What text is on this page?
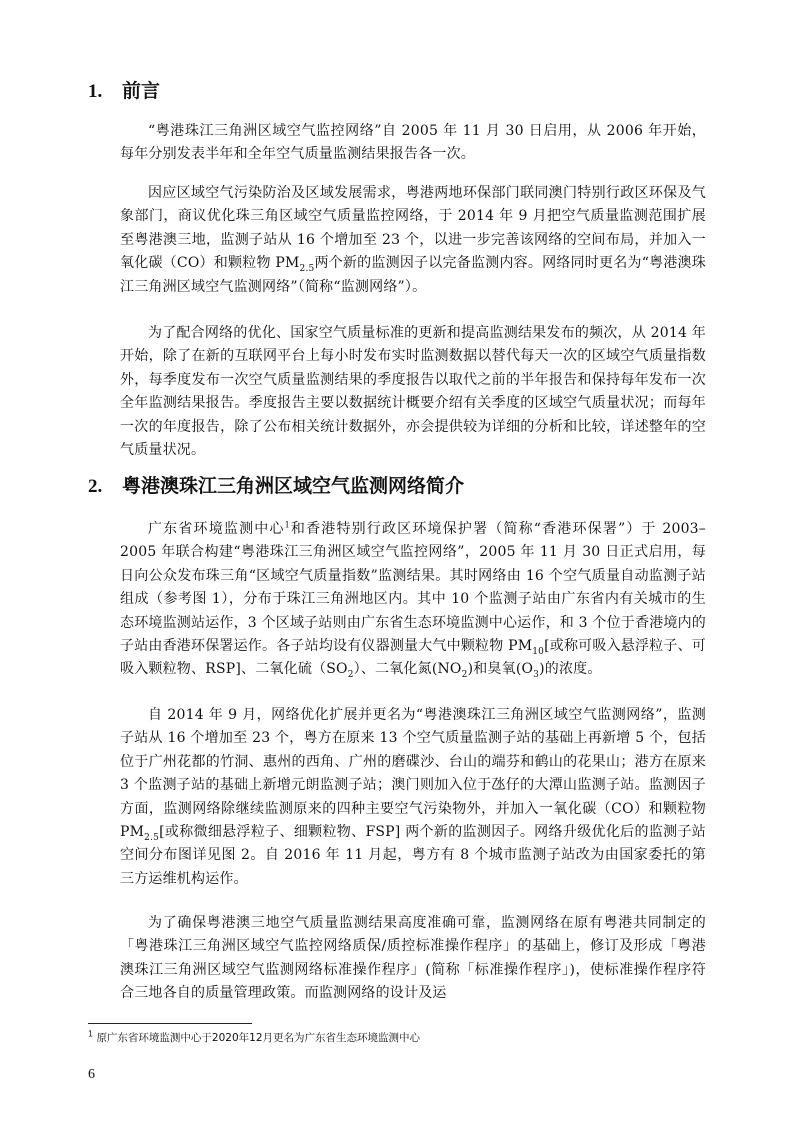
1. 前言

“粤港珠江三角洲区域空气监控网络”自 2005 年 11 月 30 日启用，从 2006 年开始，每年分别发表半年和全年空气质量监测结果报告各一次。

因应区域空气污染防治及区域发展需求，粤港两地环保部门联同澳门特别行政区环保及气象部门，商议优化珠三角区域空气质量监控网络，于 2014 年 9 月把空气质量监测范围扩展至粤港澳三地，监测子站从 16 个增加至 23 个，以进一步完善该网络的空间布局，并加入一氧化碳（CO）和颗粒物 $PM_{2.5}$两个新的监测因子以完备监测内容。网络同时更名为“粤港澳珠江三角洲区域空气监测网络”（简称“监测网络”）。

为了配合网络的优化、国家空气质量标准的更新和提高监测结果发布的频次，从 2014 年开始，除了在新的互联网平台上每小时发布实时监测数据以替代每天一次的区域空气质量指数外，每季度发布一次空气质量监测结果的季度报告以取代之前的半年报告和保持每年发布一次全年监测结果报告。季度报告主要以数据统计概要介绍有关季度的区域空气质量状况；而每年一次的年度报告，除了公布相关统计数据外，亦会提供较为详细的分析和比较，详述整年的空气质量状况。

2. 粤港澳珠江三角洲区域空气监测网络简介

广东省环境监测中心$^1$和香港特别行政区环境保护署（简称“香港环保署”）于 2003–2005 年联合构建“粤港珠江三角洲区域空气监控网络”，2005 年 11 月 30 日正式启用，每日向公众发布珠三角“区域空气质量指数”监测结果。其时网络由 16 个空气质量自动监测子站组成（参考图 1），分布于珠江三角洲地区内。其中 10 个监测子站由广东省内有关城市的生态环境监测站运作，3 个区域子站则由广东省生态环境监测中心运作，和 3 个位于香港境内的子站由香港环保署运作。各子站均设有仪器测量大气中颗粒物 $PM_{10}$[或称可吸入悬浮粒子、可吸入颗粒物、RSP]、二氧化硫$(SO_2)$、二氧化氮$(NO_2)$和臭氧$(O_3)$的浓度。

自 2014 年 9 月，网络优化扩展并更名为“粤港澳珠江三角洲区域空气监测网络”，监测子站从 16 个增加至 23 个，粤方在原来 13 个空气质量监测子站的基础上再新增 5 个，包括位于广州花都的竹洞、惠州的西角、广州的磨碟沙、台山的端芬和鹤山的花果山；港方在原来 3 个监测子站的基础上新增元朗监测子站；澳门则加入位于氹仔的大潭山监测子站。监测因子方面，监测网络除继续监测原来的四种主要空气污染物外，并加入一氧化碳（CO）和颗粒物 $PM_{2.5}$[或称微细悬浮粒子、细颗粒物、FSP] 两个新的监测因子。网络升级优化后的监测子站空间分布图详见图 2。自 2016 年 11 月起，粤方有 8 个城市监测子站改为由国家委托的第三方运维机构运作。

为了确保粤港澳三地空气质量监测结果高度准确可靠，监测网络在原有粤港共同制定的「粤港珠江三角洲区域空气监控网络质保/质控标准操作程序」的基础上，修订及形成「粤港澳珠江三角洲区域空气监测网络标准操作程序」(简称「标准操作程序」)，使标准操作程序符合三地各自的质量管理政策。而监测网络的设计及运

$^1$ 原广东省环境监测中心于2020年12月更名为广东省生态环境监测中心
6
